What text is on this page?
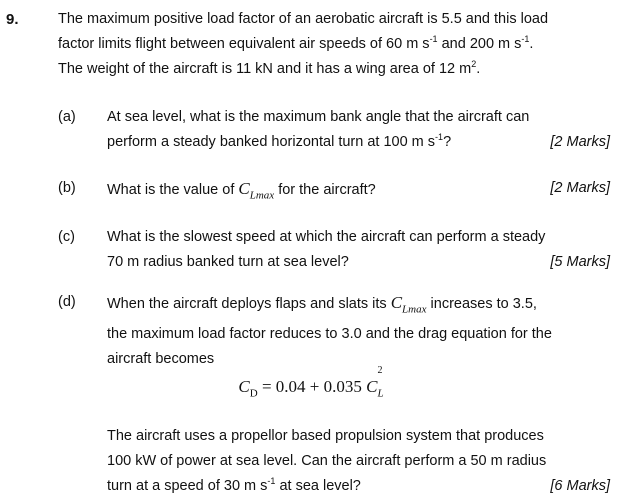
9.	The maximum positive load factor of an aerobatic aircraft is 5.5 and this load
factor limits flight between equivalent air speeds of 60 m $s^{-1}$ and 200 m $s^{-1}$.
The weight of the aircraft is 11 kN and it has a wing area of 12 $m^2$.

(a) At sea level, what is the maximum bank angle that the aircraft can
perform a steady banked horizontal turn at 100 m $s^{-1}$?	[2 Marks]
(b) What is the value of $C_{Lmax}$ for the aircraft?	[2 Marks]
(c) What is the slowest speed at which the aircraft can perform a steady
70 m radius banked turn at sea level?	[5 Marks]
(d) When the aircraft deploys flaps and slats its $C_{Lmax}$ increases to 3.5,
the maximum load factor reduces to 3.0 and the drag equation for the
aircraft becomes

$C_D = 0.04 + 0.035$ C
2
$_L$

The aircraft uses a propellor based propulsion system that produces
100 kW of power at sea level. Can the aircraft perform a 50 m radius
turn at a speed of 30 m $s^{-1}$ at sea level?	[6 Marks]
